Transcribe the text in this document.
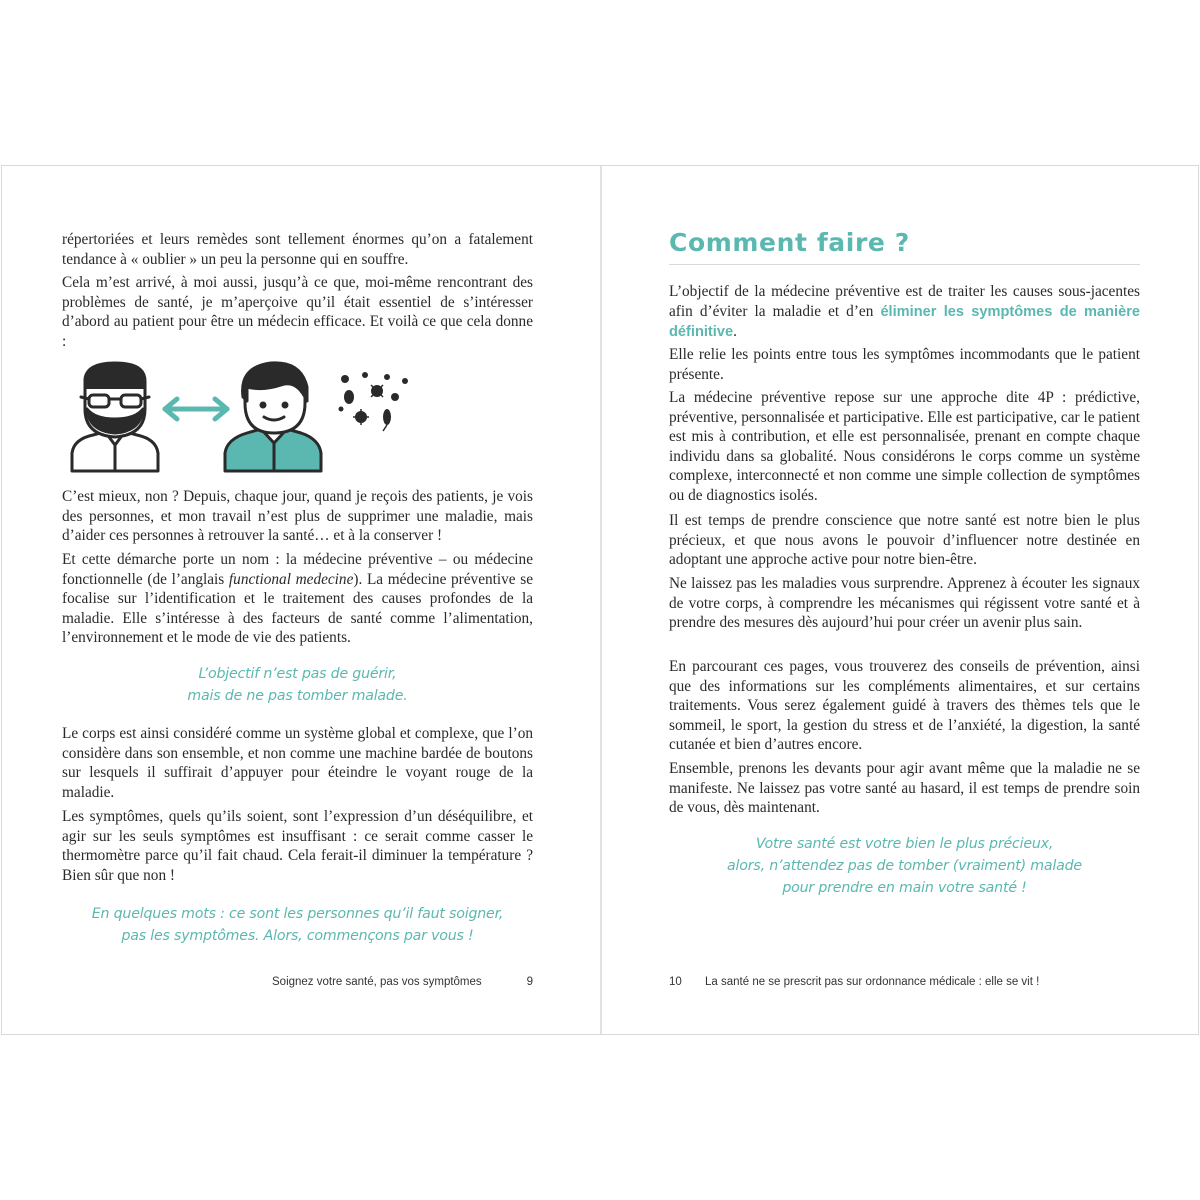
répertoriées et leurs remèdes sont tellement énormes qu’on a fatalement tendance à « oublier » un peu la personne qui en souffre.

Cela m’est arrivé, à moi aussi, jusqu’à ce que, moi-même rencontrant des problèmes de santé, je m’aperçoive qu’il était essentiel de s’intéresser d’abord au patient pour être un médecin efficace. Et voilà ce que cela donne :

C’est mieux, non ? Depuis, chaque jour, quand je reçois des patients, je vois des personnes, et mon travail n’est plus de supprimer une maladie, mais d’aider ces personnes à retrouver la santé… et à la conserver !

Et cette démarche porte un nom : la médecine préventive – ou médecine fonctionnelle (de l’anglais functional medecine). La médecine préventive se focalise sur l’identification et le traitement des causes profondes de la maladie. Elle s’intéresse à des facteurs de santé comme l’alimentation, l’environnement et le mode de vie des patients.

L’objectif n’est pas de guérir,
mais de ne pas tomber malade.

Le corps est ainsi considéré comme un système global et complexe, que l’on considère dans son ensemble, et non comme une machine bardée de boutons sur lesquels il suffirait d’appuyer pour éteindre le voyant rouge de la maladie.

Les symptômes, quels qu’ils soient, sont l’expression d’un déséquilibre, et agir sur les seuls symptômes est insuffisant : ce serait comme casser le thermomètre parce qu’il fait chaud. Cela ferait-il diminuer la température ? Bien sûr que non !

En quelques mots : ce sont les personnes qu’il faut soigner,
pas les symptômes. Alors, commençons par vous !
Soignez votre santé, pas vos symptômes	9
Comment faire ?

L’objectif de la médecine préventive est de traiter les causes sous-jacentes afin d’éviter la maladie et d’en éliminer les symptômes de manière définitive.

Elle relie les points entre tous les symptômes incommodants que le patient présente.

La médecine préventive repose sur une approche dite 4P : prédictive, préventive, personnalisée et participative. Elle est participative, car le patient est mis à contribution, et elle est personnalisée, prenant en compte chaque individu dans sa globalité. Nous considérons le corps comme un système complexe, interconnecté et non comme une simple collection de symptômes ou de diagnostics isolés.

Il est temps de prendre conscience que notre santé est notre bien le plus précieux, et que nous avons le pouvoir d’influencer notre destinée en adoptant une approche active pour notre bien-être.

Ne laissez pas les maladies vous surprendre. Apprenez à écouter les signaux de votre corps, à comprendre les mécanismes qui régissent votre santé et à prendre des mesures dès aujourd’hui pour créer un avenir plus sain.

En parcourant ces pages, vous trouverez des conseils de prévention, ainsi que des informations sur les compléments alimentaires, et sur certains traitements. Vous serez également guidé à travers des thèmes tels que le sommeil, le sport, la gestion du stress et de l’anxiété, la digestion, la santé cutanée et bien d’autres encore.

Ensemble, prenons les devants pour agir avant même que la maladie ne se manifeste. Ne laissez pas votre santé au hasard, il est temps de prendre soin de vous, dès maintenant.

Votre santé est votre bien le plus précieux,
alors, n’attendez pas de tomber (vraiment) malade
pour prendre en main votre santé !
10 La santé ne se prescrit pas sur ordonnance médicale : elle se vit !
